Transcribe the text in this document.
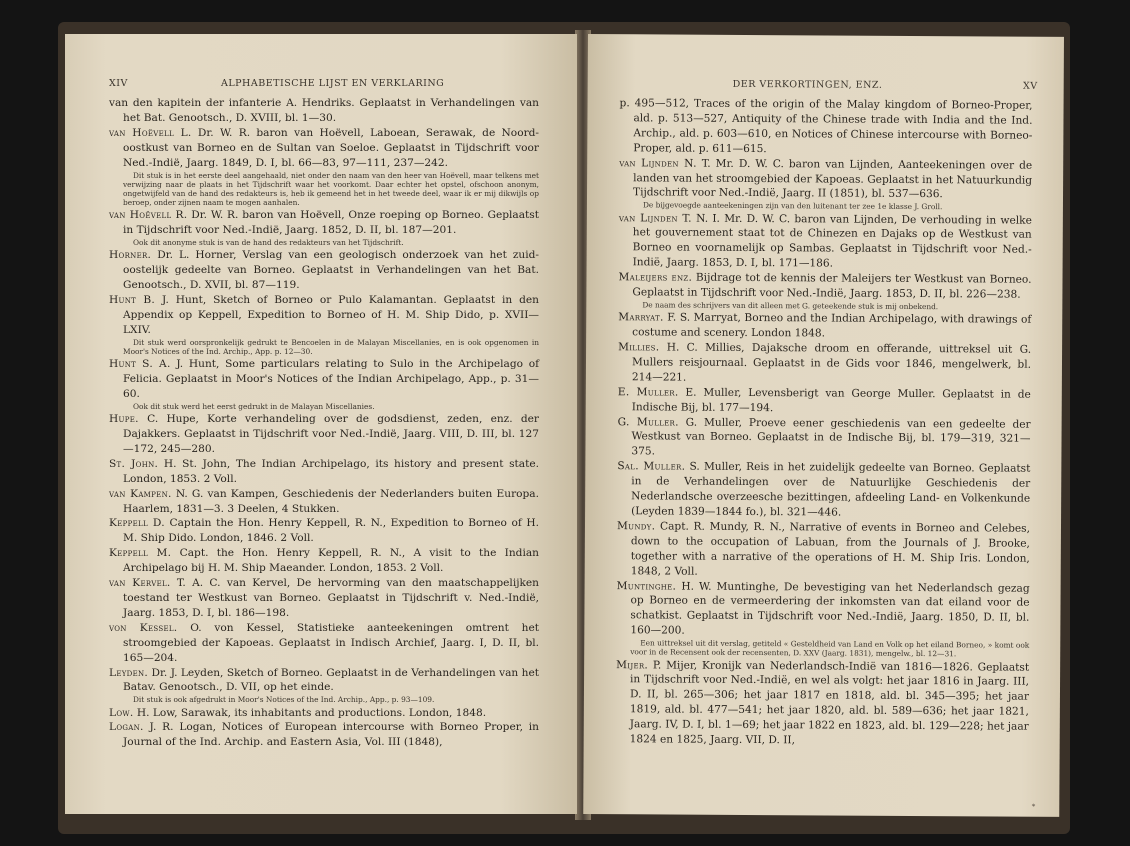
XIV	ALPHABETISCHE LIJST EN VERKLARING

van den kapitein der infanterie A. Hendriks. Geplaatst in Verhandelingen van het Bat. Genootsch., D. XVIII, bl. 1—30.

van Hoëvell L. Dr. W. R. baron van Hoëvell, Laboean, Serawak, de Noord-oostkust van Borneo en de Sultan van Soeloe. Geplaatst in Tijdschrift voor Ned.-Indië, Jaarg. 1849, D. I, bl. 66—83, 97—111, 237—242.

Dit stuk is in het eerste deel aangehaald, niet onder den naam van den heer van Hoëvell, maar telkens met verwijzing naar de plaats in het Tijdschrift waar het voorkomt. Daar echter het opstel, ofschoon anonym, ongetwijfeld van de hand des redakteurs is, heb ik gemeend het in het tweede deel, waar ik er mij dikwijls op beroep, onder zijnen naam te mogen aanhalen.

van Hoëvell R. Dr. W. R. baron van Hoëvell, Onze roeping op Borneo. Geplaatst in Tijdschrift voor Ned.-Indië, Jaarg. 1852, D. II, bl. 187—201.

Ook dit anonyme stuk is van de hand des redakteurs van het Tijdschrift.

Horner. Dr. L. Horner, Verslag van een geologisch onderzoek van het zuid-oostelijk gedeelte van Borneo. Geplaatst in Verhandelingen van het Bat. Genootsch., D. XVII, bl. 87—119.

Hunt B. J. Hunt, Sketch of Borneo or Pulo Kalamantan. Geplaatst in den Appendix op Keppell, Expedition to Borneo of H. M. Ship Dido, p. XVII—LXIV.

Dit stuk werd oorspronkelijk gedrukt te Bencoelen in de Malayan Miscellanies, en is ook opgenomen in Moor's Notices of the Ind. Archip., App. p. 12—30.

Hunt S. A. J. Hunt, Some particulars relating to Sulo in the Archipelago of Felicia. Geplaatst in Moor's Notices of the Indian Archipelago, App., p. 31—60.

Ook dit stuk werd het eerst gedrukt in de Malayan Miscellanies.

Hupe. C. Hupe, Korte verhandeling over de godsdienst, zeden, enz. der Dajakkers. Geplaatst in Tijdschrift voor Ned.-Indië, Jaarg. VIII, D. III, bl. 127—172, 245—280.

St. John. H. St. John, The Indian Archipelago, its history and present state. London, 1853. 2 Voll.

van Kampen. N. G. van Kampen, Geschiedenis der Nederlanders buiten Europa. Haarlem, 1831—3. 3 Deelen, 4 Stukken.

Keppell D. Captain the Hon. Henry Keppell, R. N., Expedition to Borneo of H. M. Ship Dido. London, 1846. 2 Voll.

Keppell M. Capt. the Hon. Henry Keppell, R. N., A visit to the Indian Archipelago bij H. M. Ship Maeander. London, 1853. 2 Voll.

van Kervel. T. A. C. van Kervel, De hervorming van den maatschappelijken toestand ter Westkust van Borneo. Geplaatst in Tijdschrift v. Ned.-Indië, Jaarg. 1853, D. I, bl. 186—198.

von Kessel. O. von Kessel, Statistieke aanteekeningen omtrent het stroomgebied der Kapoeas. Geplaatst in Indisch Archief, Jaarg. I, D. II, bl. 165—204.

Leyden. Dr. J. Leyden, Sketch of Borneo. Geplaatst in de Verhandelingen van het Batav. Genootsch., D. VII, op het einde.

Dit stuk is ook afgedrukt in Moor's Notices of the Ind. Archip., App., p. 93—109.

Low. H. Low, Sarawak, its inhabitants and productions. London, 1848.

Logan. J. R. Logan, Notices of European intercourse with Borneo Proper, in Journal of the Ind. Archip. and Eastern Asia, Vol. III (1848),

DER VERKORTINGEN, ENZ.	XV

p. 495—512, Traces of the origin of the Malay kingdom of Borneo-Proper, ald. p. 513—527, Antiquity of the Chinese trade with India and the Ind. Archip., ald. p. 603—610, en Notices of Chinese intercourse with Borneo-Proper, ald. p. 611—615.

van Lijnden N. T. Mr. D. W. C. baron van Lijnden, Aanteekeningen over de landen van het stroomgebied der Kapoeas. Geplaatst in het Natuurkundig Tijdschrift voor Ned.-Indië, Jaarg. II (1851), bl. 537—636.

De bijgevoegde aanteekeningen zijn van den luitenant ter zee 1e klasse J. Groll.

van Lijnden T. N. I. Mr. D. W. C. baron van Lijnden, De verhouding in welke het gouvernement staat tot de Chinezen en Dajaks op de Westkust van Borneo en voornamelijk op Sambas. Geplaatst in Tijdschrift voor Ned.-Indië, Jaarg. 1853, D. I, bl. 171—186.

Maleijers enz. Bijdrage tot de kennis der Maleijers ter Westkust van Borneo. Geplaatst in Tijdschrift voor Ned.-Indië, Jaarg. 1853, D. II, bl. 226—238.

De naam des schrijvers van dit alleen met G. geteekende stuk is mij onbekend.

Marryat. F. S. Marryat, Borneo and the Indian Archipelago, with drawings of costume and scenery. London 1848.

Millies. H. C. Millies, Dajaksche droom en offerande, uittreksel uit G. Mullers reisjournaal. Geplaatst in de Gids voor 1846, mengelwerk, bl. 214—221.

E. Muller. E. Muller, Levensberigt van George Muller. Geplaatst in de Indische Bij, bl. 177—194.

G. Muller. G. Muller, Proeve eener geschiedenis van een gedeelte der Westkust van Borneo. Geplaatst in de Indische Bij, bl. 179—319, 321—375.

Sal. Muller. S. Muller, Reis in het zuidelijk gedeelte van Borneo. Geplaatst in de Verhandelingen over de Natuurlijke Geschiedenis der Nederlandsche overzeesche bezittingen, afdeeling Land- en Volkenkunde (Leyden 1839—1844 fo.), bl. 321—446.

Mundy. Capt. R. Mundy, R. N., Narrative of events in Borneo and Celebes, down to the occupation of Labuan, from the Journals of J. Brooke, together with a narrative of the operations of H. M. Ship Iris. London, 1848, 2 Voll.

Muntinghe. H. W. Muntinghe, De bevestiging van het Nederlandsch gezag op Borneo en de vermeerdering der inkomsten van dat eiland voor de schatkist. Geplaatst in Tijdschrift voor Ned.-Indië, Jaarg. 1850, D. II, bl. 160—200.

Een uittreksel uit dit verslag, getiteld « Gesteldheid van Land en Volk op het eiland Borneo, » komt ook voor in de Recensent ook der recensenten, D. XXV (Jaarg. 1831), mengelw., bl. 12—31.

Mijer. P. Mijer, Kronijk van Nederlandsch-Indië van 1816—1826. Geplaatst in Tijdschrift voor Ned.-Indië, en wel als volgt: het jaar 1816 in Jaarg. III, D. II, bl. 265—306; het jaar 1817 en 1818, ald. bl. 345—395; het jaar 1819, ald. bl. 477—541; het jaar 1820, ald. bl. 589—636; het jaar 1821, Jaarg. IV, D. I, bl. 1—69; het jaar 1822 en 1823, ald. bl. 129—228; het jaar 1824 en 1825, Jaarg. VII, D. II,

*
